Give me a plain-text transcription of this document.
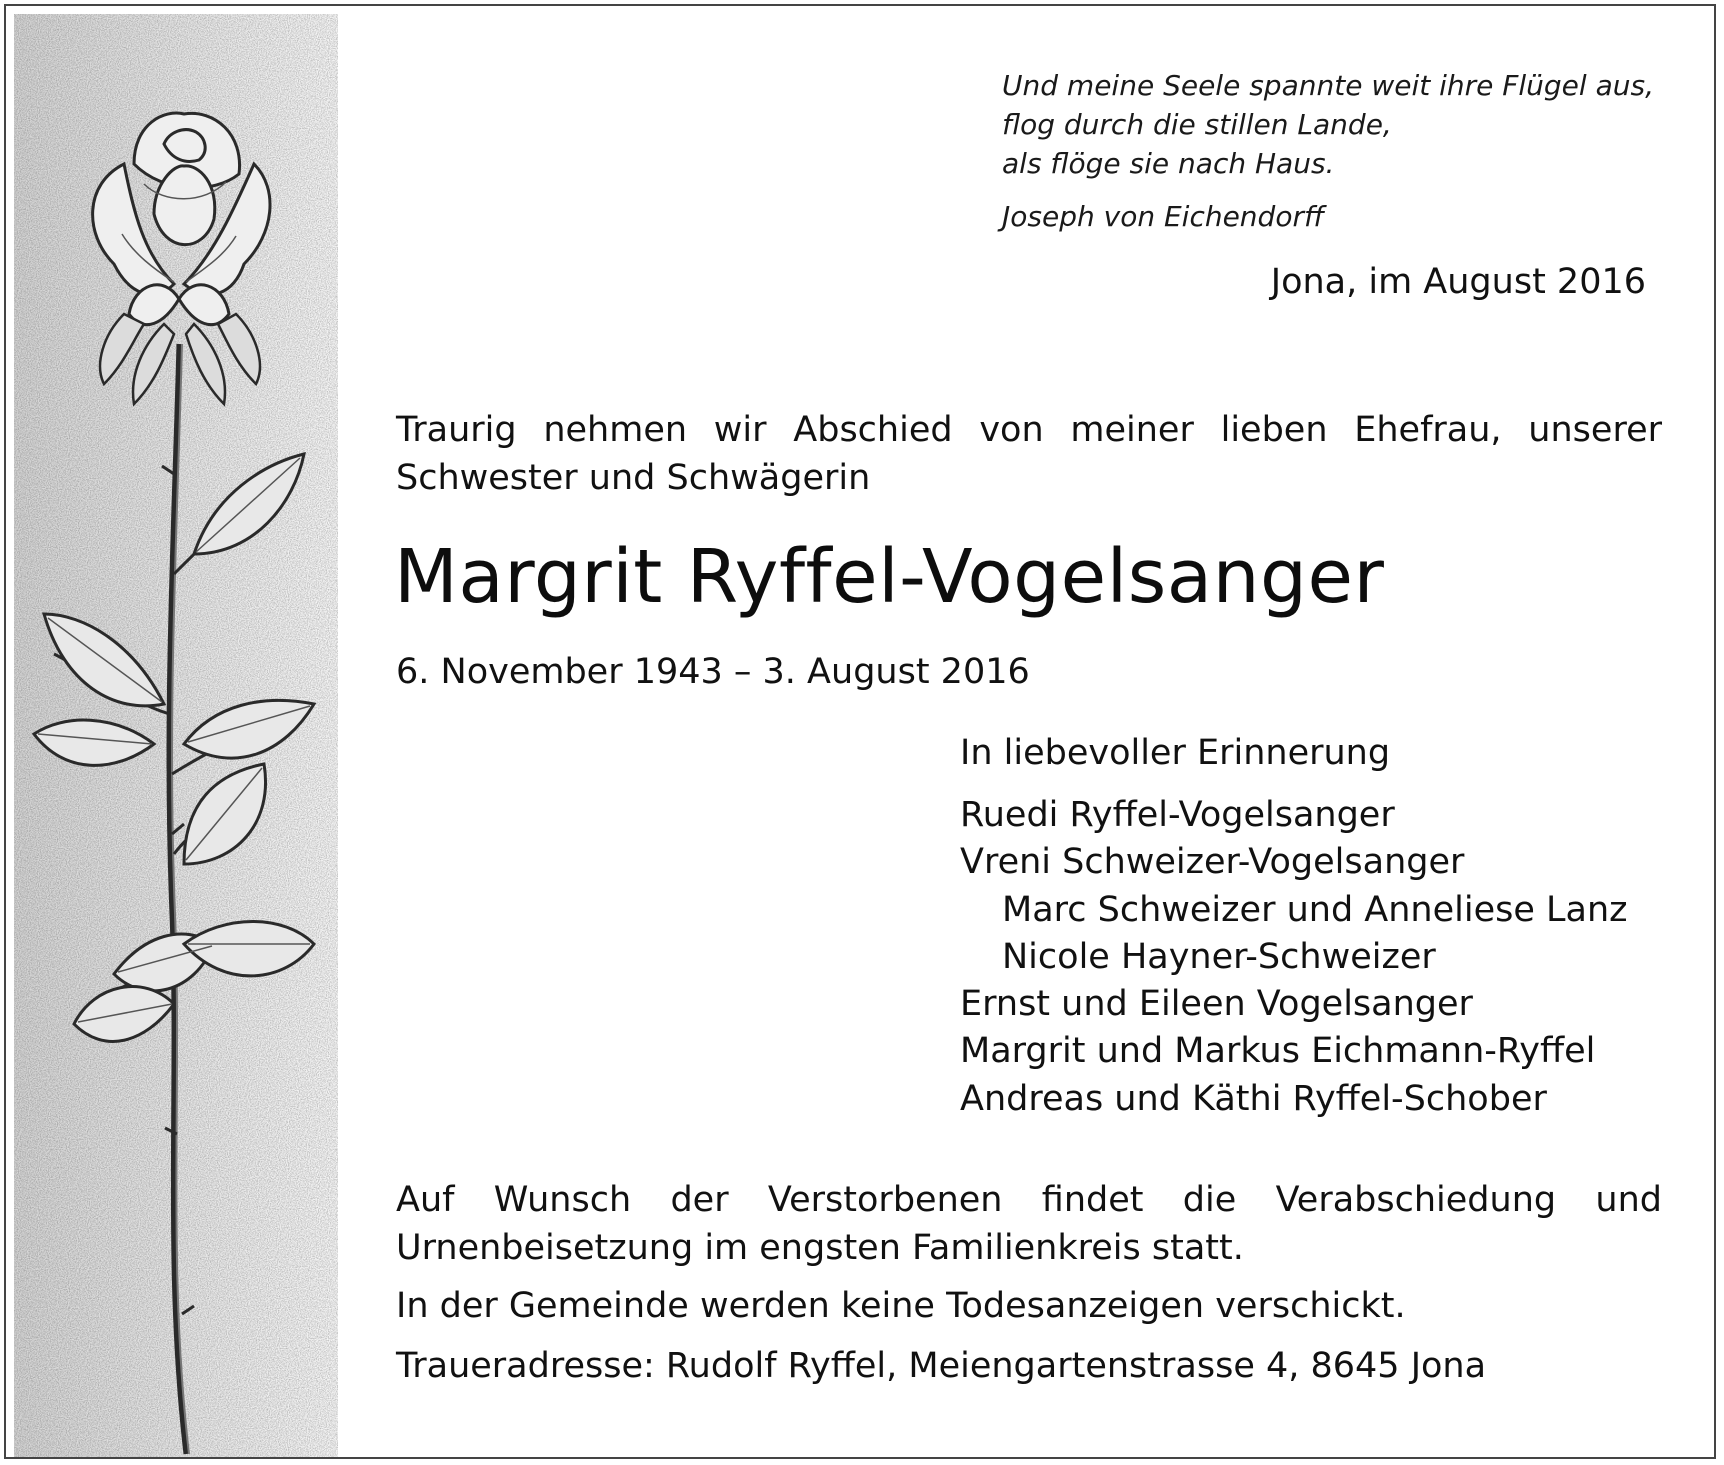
Und meine Seele spannte weit ihre Flügel aus,
flog durch die stillen Lande,
als flöge sie nach Haus.
Joseph von Eichendorff
Jona, im August 2016
Traurig nehmen wir Abschied von meiner lieben Ehefrau, unserer Schwester und Schwägerin
Margrit Ryffel-Vogelsanger
6. November 1943 – 3. August 2016
In liebevoller Erinnerung
Ruedi Ryffel-Vogelsanger
Vreni Schweizer-Vogelsanger
Marc Schweizer und Anneliese Lanz
Nicole Hayner-Schweizer
Ernst und Eileen Vogelsanger
Margrit und Markus Eichmann-Ryffel
Andreas und Käthi Ryffel-Schober
Auf Wunsch der Verstorbenen findet die Verabschiedung und Urnenbeisetzung im engsten Familienkreis statt.
In der Gemeinde werden keine Todesanzeigen verschickt.
Traueradresse: Rudolf Ryffel, Meiengartenstrasse 4, 8645 Jona
